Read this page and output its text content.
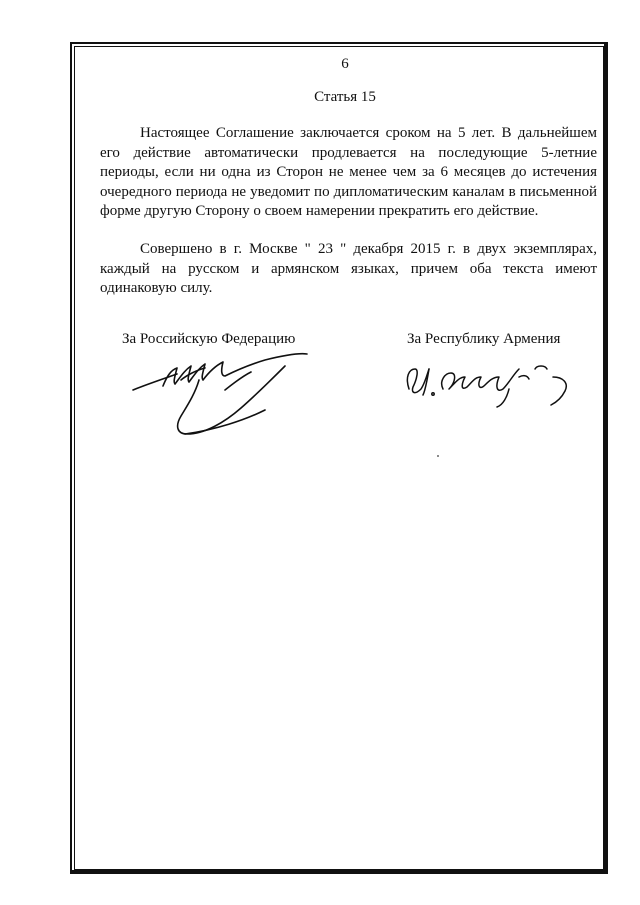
6
Статья 15

Настоящее Соглашение заключается сроком на 5 лет. В дальнейшем его действие автоматически продлевается на последующие 5-летние периоды, если ни одна из Сторон не менее чем за 6 месяцев до истечения очередного периода не уведомит по дипломатическим каналам в письменной форме другую Сторону о своем намерении прекратить его действие.

Совершено в г. Москве " 23 " декабря 2015 г. в двух экземплярах, каждый на русском и армянском языках, причем оба текста имеют одинаковую силу.

За Российскую Федерацию	За Республику Армения
